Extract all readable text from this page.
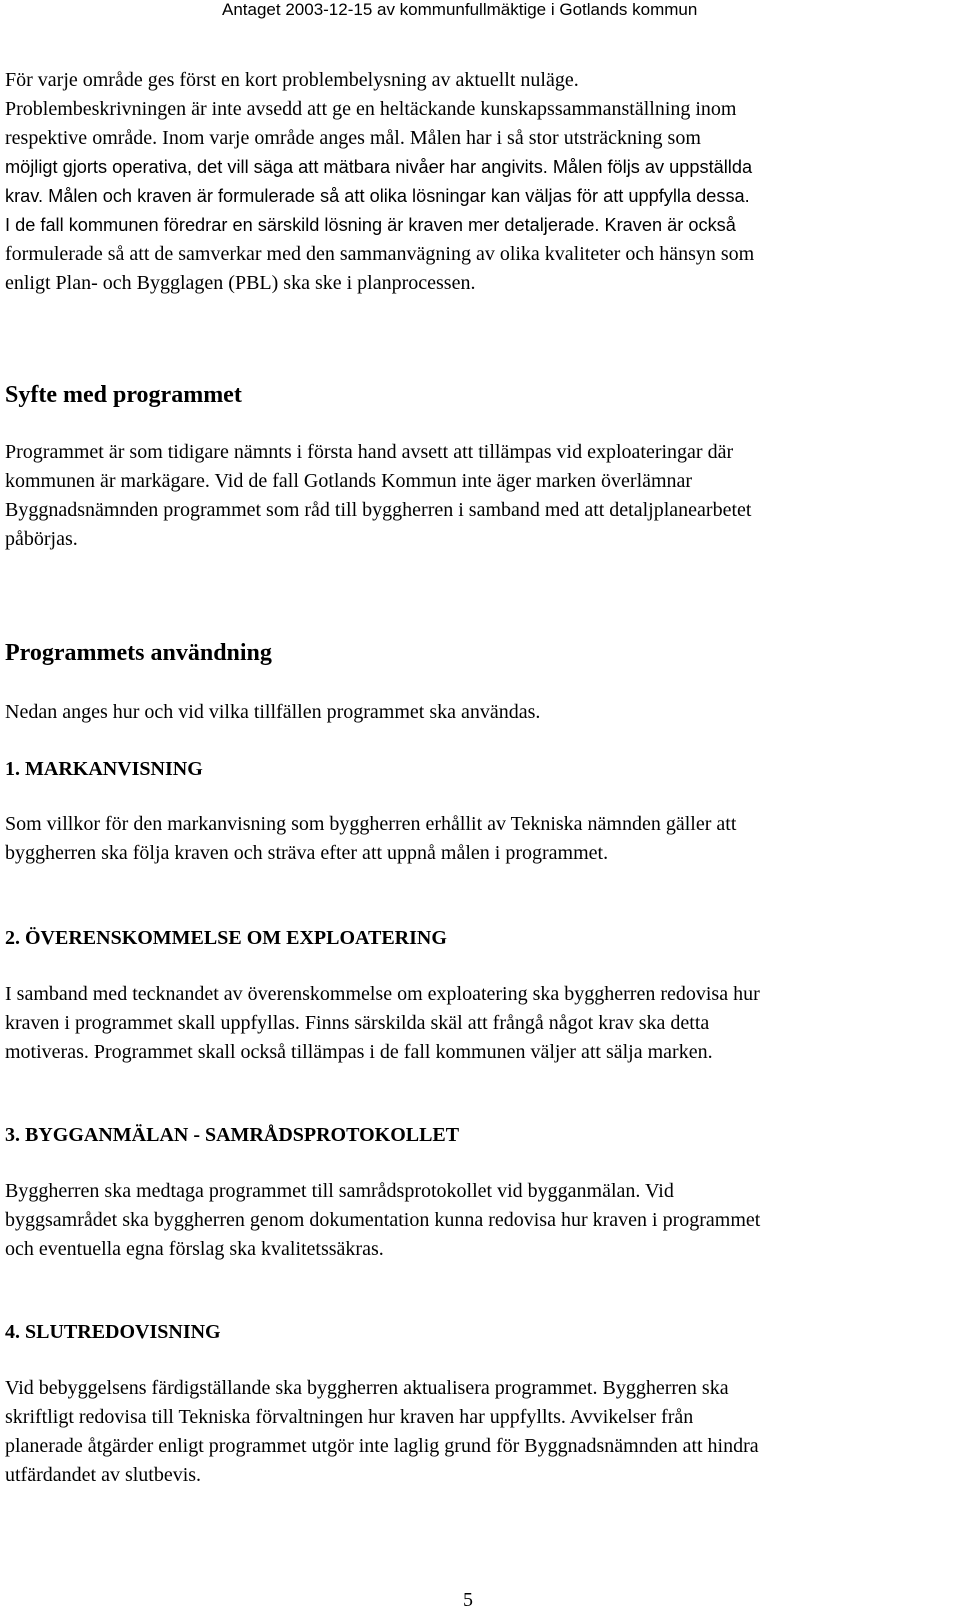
Antaget 2003-12-15 av kommunfullmäktige i Gotlands kommun
För varje område ges först en kort problembelysning av aktuellt nuläge.
Problembeskrivningen är inte avsedd att ge en heltäckande kunskapssammanställning inom
respektive område. Inom varje område anges mål. Målen har i så stor utsträckning som
möjligt gjorts operativa, det vill säga att mätbara nivåer har angivits. Målen följs av uppställda
krav. Målen och kraven är formulerade så att olika lösningar kan väljas för att uppfylla dessa.
I de fall kommunen föredrar en särskild lösning är kraven mer detaljerade. Kraven är också
formulerade så att de samverkar med den sammanvägning av olika kvaliteter och hänsyn som
enligt Plan- och Bygglagen (PBL) ska ske i planprocessen.
Syfte med programmet
Programmet är som tidigare nämnts i första hand avsett att tillämpas vid exploateringar där
kommunen är markägare. Vid de fall Gotlands Kommun inte äger marken överlämnar
Byggnadsnämnden programmet som råd till byggherren i samband med att detaljplanearbetet
påbörjas.
Programmets användning
Nedan anges hur och vid vilka tillfällen programmet ska användas.
1. MARKANVISNING
Som villkor för den markanvisning som byggherren erhållit av Tekniska nämnden gäller att
byggherren ska följa kraven och sträva efter att uppnå målen i programmet.
2. ÖVERENSKOMMELSE OM EXPLOATERING
I samband med tecknandet av överenskommelse om exploatering ska byggherren redovisa hur
kraven i programmet skall uppfyllas. Finns särskilda skäl att frångå något krav ska detta
motiveras. Programmet skall också tillämpas i de fall kommunen väljer att sälja marken.
3. BYGGANMÄLAN - SAMRÅDSPROTOKOLLET
Byggherren ska medtaga programmet till samrådsprotokollet vid bygganmälan. Vid
byggsamrådet ska byggherren genom dokumentation kunna redovisa hur kraven i programmet
och eventuella egna förslag ska kvalitetssäkras.
4. SLUTREDOVISNING
Vid bebyggelsens färdigställande ska byggherren aktualisera programmet. Byggherren ska
skriftligt redovisa till Tekniska förvaltningen hur kraven har uppfyllts. Avvikelser från
planerade åtgärder enligt programmet utgör inte laglig grund för Byggnadsnämnden att hindra
utfärdandet av slutbevis.
5
